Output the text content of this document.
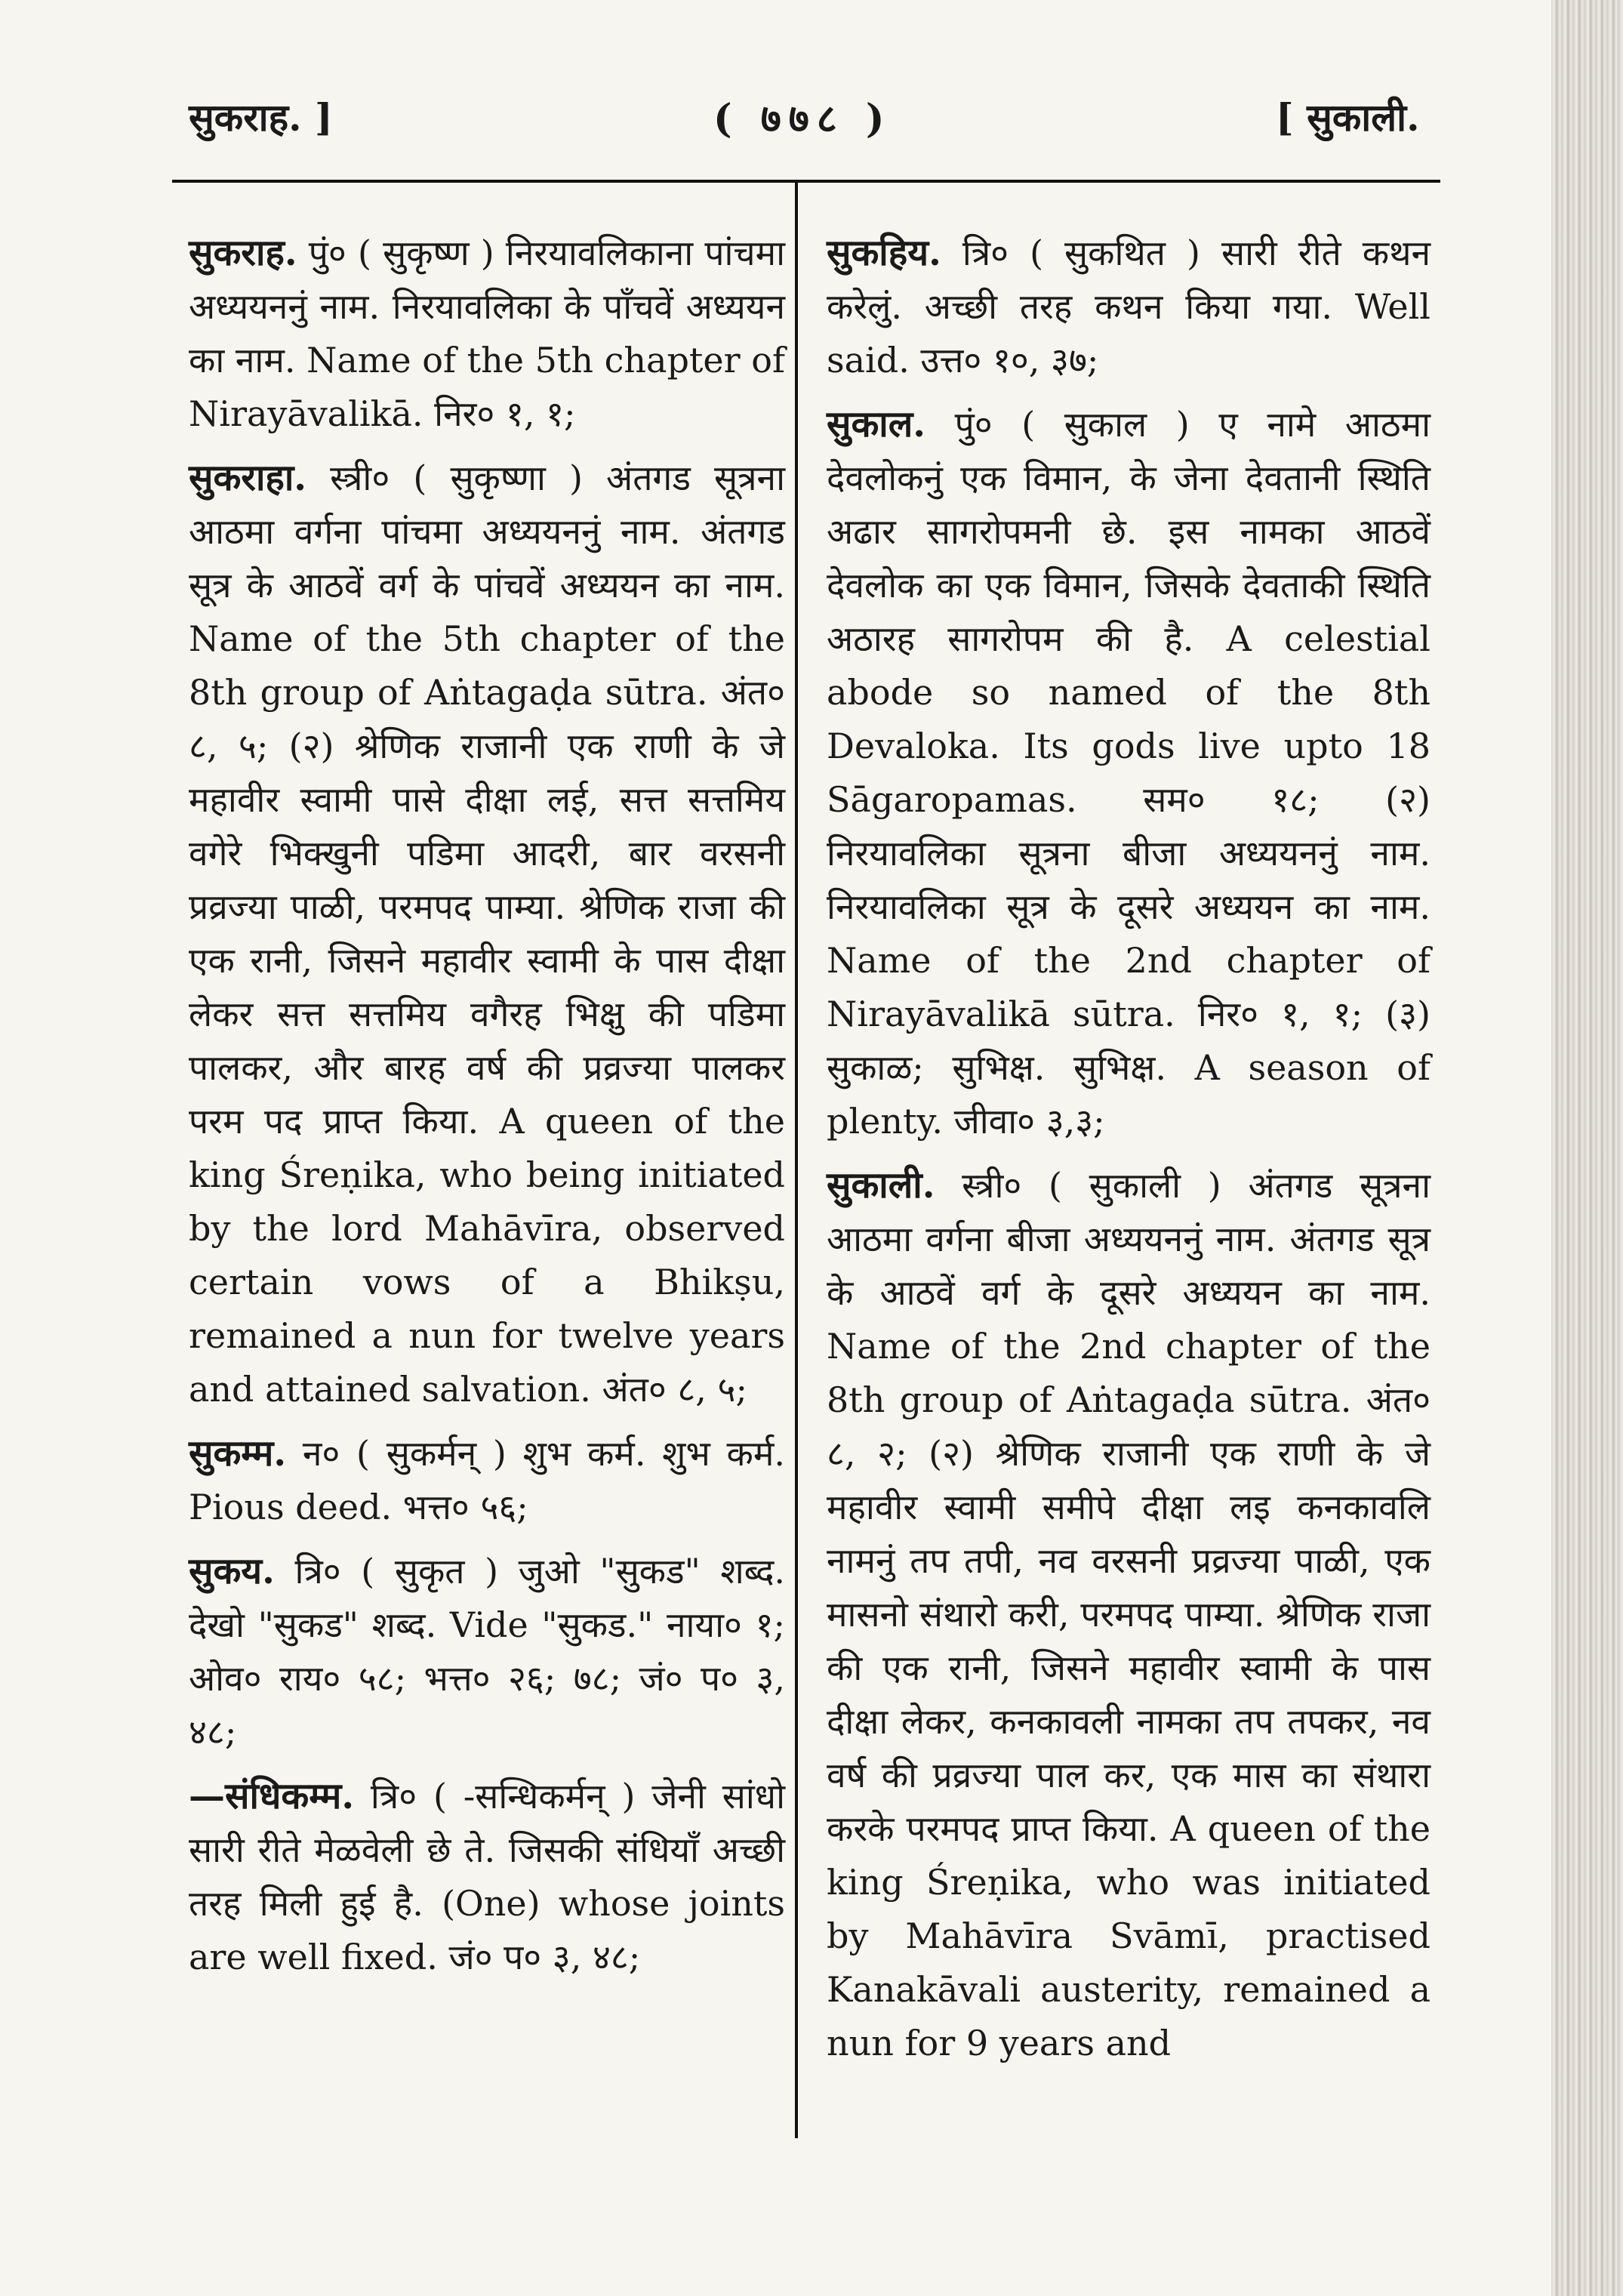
सुकराह. ]	( ७७८ )	[ सुकाली.
सुकराह. पुं० ( सुकृष्ण ) निरयावलिकाना पांचमा अध्ययननुं नाम. निरयावलिका के पाँचवें अध्ययन का नाम. Name of the 5th chapter of Nirayāvalikā. निर० १, १;
सुकराहा. स्त्री० ( सुकृष्णा ) अंतगड सूत्रना आठमा वर्गना पांचमा अध्ययननुं नाम. अंतगड सूत्र के आठवें वर्ग के पांचवें अध्ययन का नाम. Name of the 5th chapter of the 8th group of Aṅtagaḍa sūtra. अंत० ८, ५; (२) श्रेणिक राजानी एक राणी के जे महावीर स्वामी पासे दीक्षा लई, सत्त सत्तमिय वगेरे भिक्खुनी पडिमा आदरी, बार वरसनी प्रव्रज्या पाळी, परमपद पाम्या. श्रेणिक राजा की एक रानी, जिसने महावीर स्वामी के पास दीक्षा लेकर सत्त सत्तमिय वगैरह भिक्षु की पडिमा पालकर, और बारह वर्ष की प्रव्रज्या पालकर परम पद प्राप्त किया. A queen of the king Śreṇika, who being initiated by the lord Mahāvīra, observed certain vows of a Bhikṣu, remained a nun for twelve years and attained salvation. अंत० ८, ५;
सुकम्म. न० ( सुकर्मन् ) शुभ कर्म. शुभ कर्म. Pious deed. भत्त० ५६;
सुकय. त्रि० ( सुकृत ) जुओ "सुकड" शब्द. देखो "सुकड" शब्द. Vide "सुकड." नाया० १; ओव० राय० ५८; भत्त० २६; ७८; जं० प० ३, ४८;
—संधिकम्म. त्रि० ( -सन्धिकर्मन् ) जेनी सांधो सारी रीते मेळवेली छे ते. जिसकी संधियाँ अच्छी तरह मिली हुई है. (One) whose joints are well fixed. जं० प० ३, ४८;
सुकहिय. त्रि० ( सुकथित ) सारी रीते कथन करेलुं. अच्छी तरह कथन किया गया. Well said. उत्त० १०, ३७;
सुकाल. पुं० ( सुकाल ) ए नामे आठमा देवलोकनुं एक विमान, के जेना देवतानी स्थिति अढार सागरोपमनी छे. इस नामका आठवें देवलोक का एक विमान, जिसके देवताकी स्थिति अठारह सागरोपम की है. A celestial abode so named of the 8th Devaloka. Its gods live upto 18 Sāgaropamas. सम० १८; (२) निरयावलिका सूत्रना बीजा अध्ययननुं नाम. निरयावलिका सूत्र के दूसरे अध्ययन का नाम. Name of the 2nd chapter of Nirayāvalikā sūtra. निर० १, १; (३) सुकाळ; सुभिक्ष. सुभिक्ष. A season of plenty. जीवा० ३,३;
सुकाली. स्त्री० ( सुकाली ) अंतगड सूत्रना आठमा वर्गना बीजा अध्ययननुं नाम. अंतगड सूत्र के आठवें वर्ग के दूसरे अध्ययन का नाम. Name of the 2nd chapter of the 8th group of Aṅtagaḍa sūtra. अंत० ८, २; (२) श्रेणिक राजानी एक राणी के जे महावीर स्वामी समीपे दीक्षा लइ कनकावलि नामनुं तप तपी, नव वरसनी प्रव्रज्या पाळी, एक मासनो संथारो करी, परमपद पाम्या. श्रेणिक राजा की एक रानी, जिसने महावीर स्वामी के पास दीक्षा लेकर, कनकावली नामका तप तपकर, नव वर्ष की प्रव्रज्या पाल कर, एक मास का संथारा करके परमपद प्राप्त किया. A queen of the king Śreṇika, who was initiated by Mahāvīra Svāmī, practised Kanakāvali austerity, remained a nun for 9 years and
